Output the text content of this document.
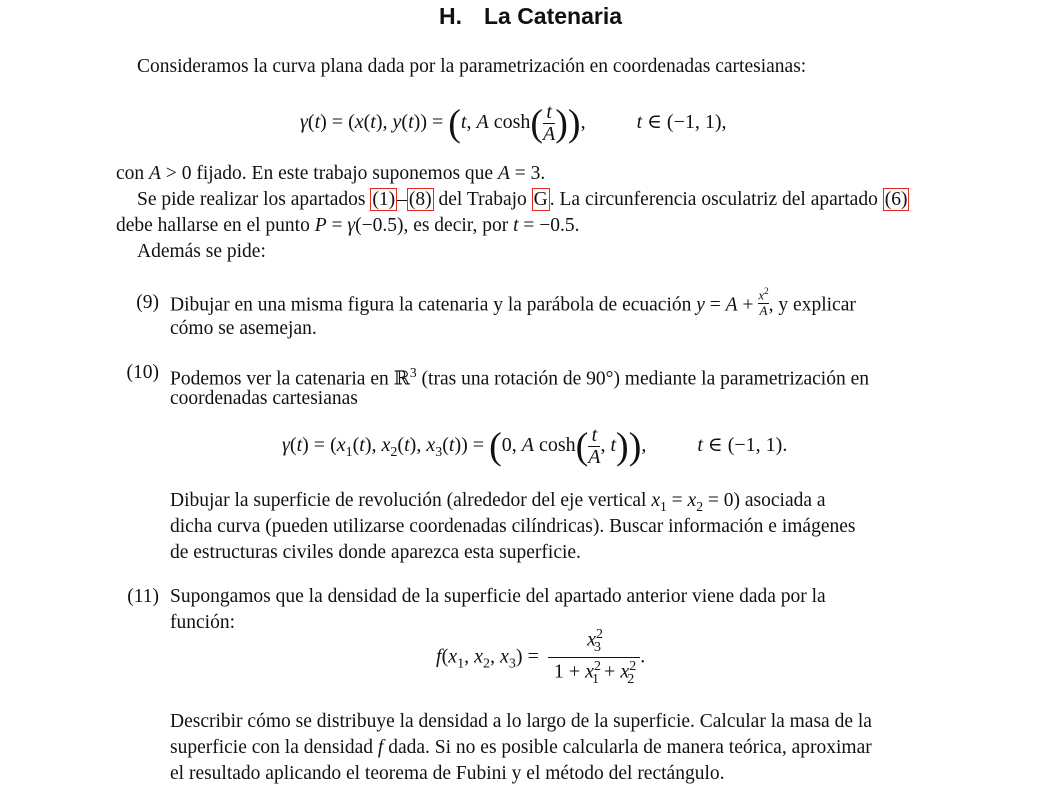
H. La Catenaria
Consideramos la curva plana dada por la parametrización en coordenadas cartesianas:
γ(t) = (x(t), y(t)) = (t, A $\cosh( \frac{t}{A}$ )), t ∈ (−1, 1),
con A > 0 fijado. En este trabajo suponemos que A = 3.
Se pide realizar los apartados (1) – (8) del Trabajo G . La circunferencia osculatriz del apartado (6)
debe hallarse en el punto P = γ(−0.5), es decir, por t = −0.5.
Además se pide:
(9) Dibujar en una misma figura la catenaria y la parábola de ecuación $y = A + \frac{x^2}{A}$ , y explicar
cómo se asemejan.
(10) Podemos ver la catenaria en ℝ$^3$ (tras una rotación de 90°) mediante la parametrización en
coordenadas cartesianas
$\gamma(t) = (x_1(t)$, $x_2(t)$, $x_3(t)) = (0$, A $\cosh( \frac{t}{A}$ , t)), t ∈ (−1, 1).
Dibujar la superficie de revolución (alrededor del eje vertical $x_1 = x_2 = 0$) asociada a
dicha curva (pueden utilizarse coordenadas cilíndricas). Buscar información e imágenes
de estructuras civiles donde aparezca esta superficie.
(11) Supongamos que la densidad de la superficie del apartado anterior viene dada por la
función:
$f(x_1$, $x_2$, $x_3) = \frac{x^2_3}{1 + x^2_1 + x^2_2}$ .
Describir cómo se distribuye la densidad a lo largo de la superficie. Calcular la masa de la
superficie con la densidad f dada. Si no es posible calcularla de manera teórica, aproximar
el resultado aplicando el teorema de Fubini y el método del rectángulo.
